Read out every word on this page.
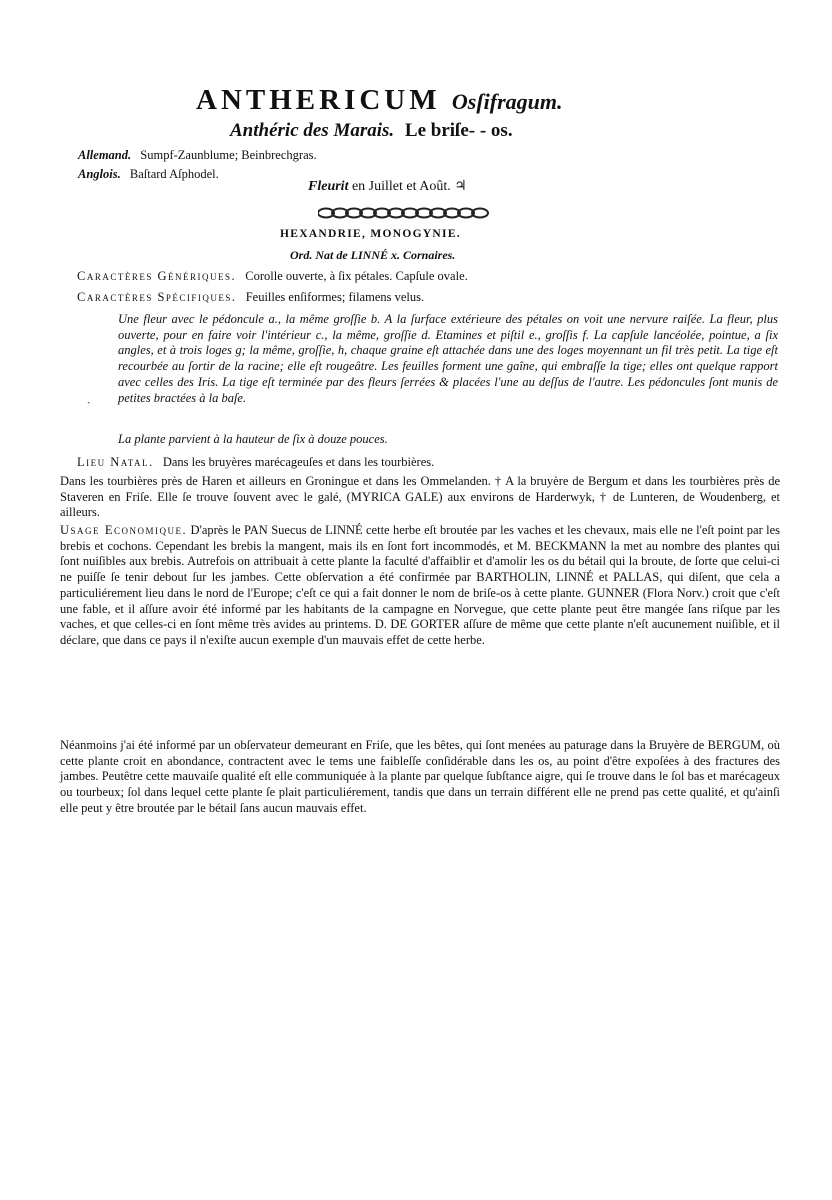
ANTHERICUM Osſifragum.
Anthéric des Marais. Le briſe- - os.
Allemand. Sumpf-Zaunblume; Beinbrechgras.
Anglois. Baſtard Aſphodel.
Fleurit en Juillet et Août. ♃
HEXANDRIE, MONOGYNIE.
Ord. Nat de LINNÉ x. Cornaires.
Caractères Génériques. Corolle ouverte, à ſix pétales. Capſule ovale.
Caractères Spécifiques. Feuilles enſiformes; filamens velus.
Une fleur avec le pédoncule a., la même groſſie b. A la ſurface extérieure des pétales on voit une nervure raiſée. La fleur, plus ouverte, pour en faire voir l'intérieur c., la même, groſſie d. Etamines et piſtil e., groſſis f. La capſule lancéolée, pointue, a ſix angles, et à trois loges g; la même, groſſie, h, chaque graine eſt attachée dans une des loges moyennant un fil très petit. La tige eſt recourbée au ſortir de la racine; elle eſt rougeâtre. Les feuilles forment une gaîne, qui embraſſe la tige; elles ont quelque rapport avec celles des Iris. La tige eſt terminée par des fleurs ſerrées & placées l'une au deſſus de l'autre. Les pédoncules ſont munis de petites bractées à la baſe.
˹
La plante parvient à la hauteur de ſix à douze pouces.
Lieu Natal. Dans les bruyères marécageuſes et dans les tourbières.
Dans les tourbières près de Haren et ailleurs en Groningue et dans les Ommelanden. † A la bruyère de Bergum et dans les tourbières près de Staveren en Friſe. Elle ſe trouve ſouvent avec le galé, (MYRICA GALE) aux environs de Harderwyk, † de Lunteren, de Woudenberg, et ailleurs.

Usage Economique. D'après le PAN Suecus de LINNÉ cette herbe eſt broutée par les vaches et les chevaux, mais elle ne l'eſt point par les brebis et cochons. Cependant les brebis la mangent, mais ils en ſont fort incommodés, et M. BECKMANN la met au nombre des plantes qui ſont nuiſibles aux brebis. Autrefois on attribuait à cette plante la faculté d'affaiblir et d'amolir les os du bétail qui la broute, de ſorte que celui-ci ne puiſſe ſe tenir debout ſur les jambes. Cette obſervation a été confirmée par BARTHOLIN, LINNÉ et PALLAS, qui diſent, que cela a particuliérement lieu dans le nord de l'Europe; c'eſt ce qui a fait donner le nom de briſe-os à cette plante. GUNNER (Flora Norv.) croit que c'eſt une fable, et il aſſure avoir été informé par les habitants de la campagne en Norvegue, que cette plante peut être mangée ſans riſque par les vaches, et que celles-ci en ſont même très avides au printems. D. DE GORTER aſſure de même que cette plante n'eſt aucunement nuiſible, et il déclare, que dans ce pays il n'exiſte aucun exemple d'un mauvais effet de cette herbe.

Néanmoins j'ai été informé par un obſervateur demeurant en Friſe, que les bêtes, qui ſont menées au paturage dans la Bruyère de BERGUM, où cette plante croit en abondance, contractent avec le tems une faibleſſe conſidérable dans les os, au point d'être expoſées à des fractures des jambes. Peutêtre cette mauvaiſe qualité eſt elle communiquée à la plante par quelque ſubſtance aigre, qui ſe trouve dans le ſol bas et marécageux ou tourbeux; ſol dans lequel cette plante ſe plait particuliérement, tandis que dans un terrain différent elle ne prend pas cette qualité, et qu'ainſi elle peut y être broutée par le bétail ſans aucun mauvais effet.
